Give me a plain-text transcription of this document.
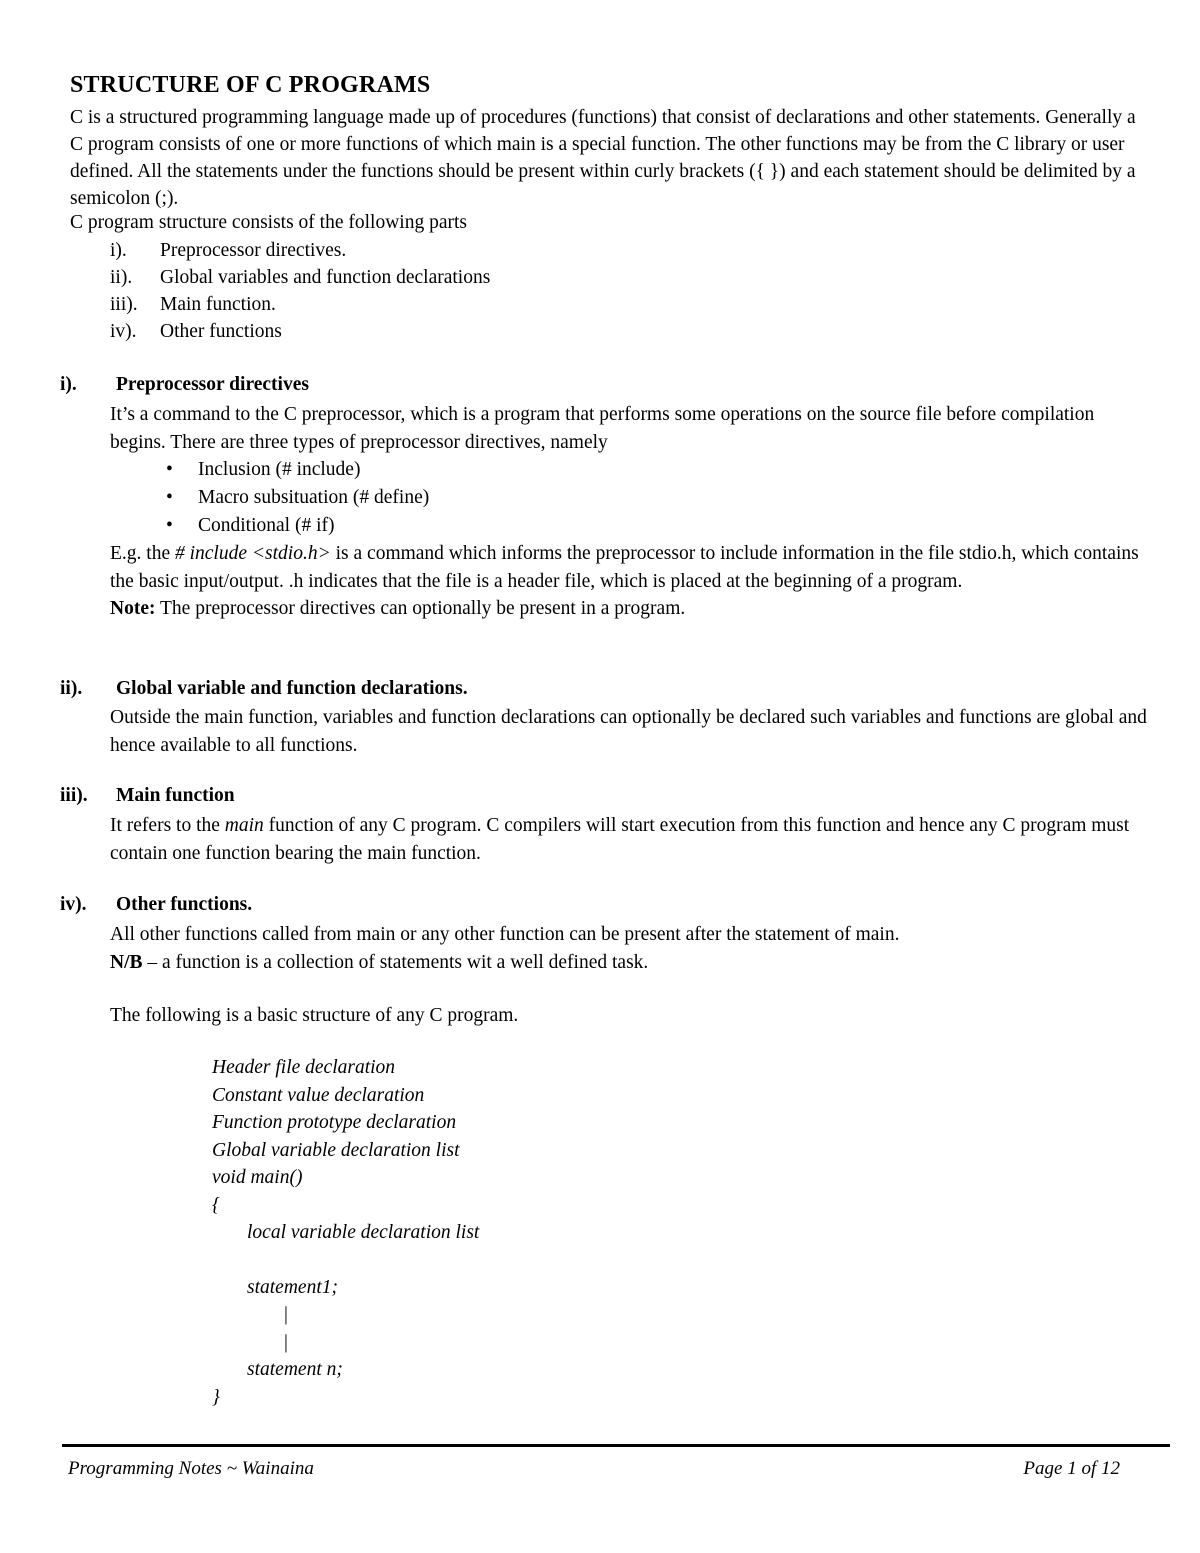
STRUCTURE OF C PROGRAMS
C is a structured programming language made up of procedures (functions) that consist of declarations and other statements. Generally a C program consists of one or more functions of which main is a special function. The other functions may be from the C library or user defined. All the statements under the functions should be present within curly brackets ({ }) and each statement should be delimited by a semicolon (;).
C program structure consists of the following parts
i). Preprocessor directives.
ii). Global variables and function declarations
iii). Main function.
iv). Other functions
i). Preprocessor directives
It’s a command to the C preprocessor, which is a program that performs some operations on the source file before compilation begins. There are three types of preprocessor directives, namely
• Inclusion (# include)
• Macro subsituation (# define)
• Conditional (# if)
E.g. the # include <stdio.h> is a command which informs the preprocessor to include information in the file stdio.h, which contains the basic input/output. .h indicates that the file is a header file, which is placed at the beginning of a program.
Note: The preprocessor directives can optionally be present in a program.
ii). Global variable and function declarations.
Outside the main function, variables and function declarations can optionally be declared such variables and functions are global and hence available to all functions.
iii). Main function
It refers to the main function of any C program. C compilers will start execution from this function and hence any C program must contain one function bearing the main function.
iv). Other functions.
All other functions called from main or any other function can be present after the statement of main.
N/B – a function is a collection of statements wit a well defined task.
The following is a basic structure of any C program.
Header file declaration
Constant value declaration
Function prototype declaration
Global variable declaration list
void main()
{
local variable declaration list
statement1;
|
|
statement n;
}
Programming Notes ~ Wainaina	Page 1 of 12
